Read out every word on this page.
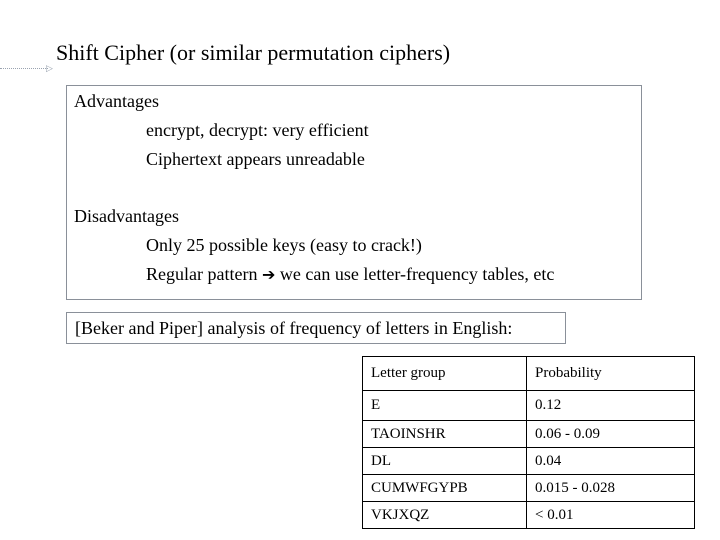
Shift Cipher (or similar permutation ciphers)
▷
Advantages
encrypt, decrypt: very efficient
Ciphertext appears unreadable
Disadvantages
Only 25 possible keys (easy to crack!)
Regular pattern ➔ we can use letter-frequency tables, etc
[Beker and Piper] analysis of frequency of letters in English:
Letter group	Probability
E	0.12
TAOINSHR	0.06 - 0.09
DL	0.04
CUMWFGYPB	0.015 - 0.028
VKJXQZ	< 0.01
